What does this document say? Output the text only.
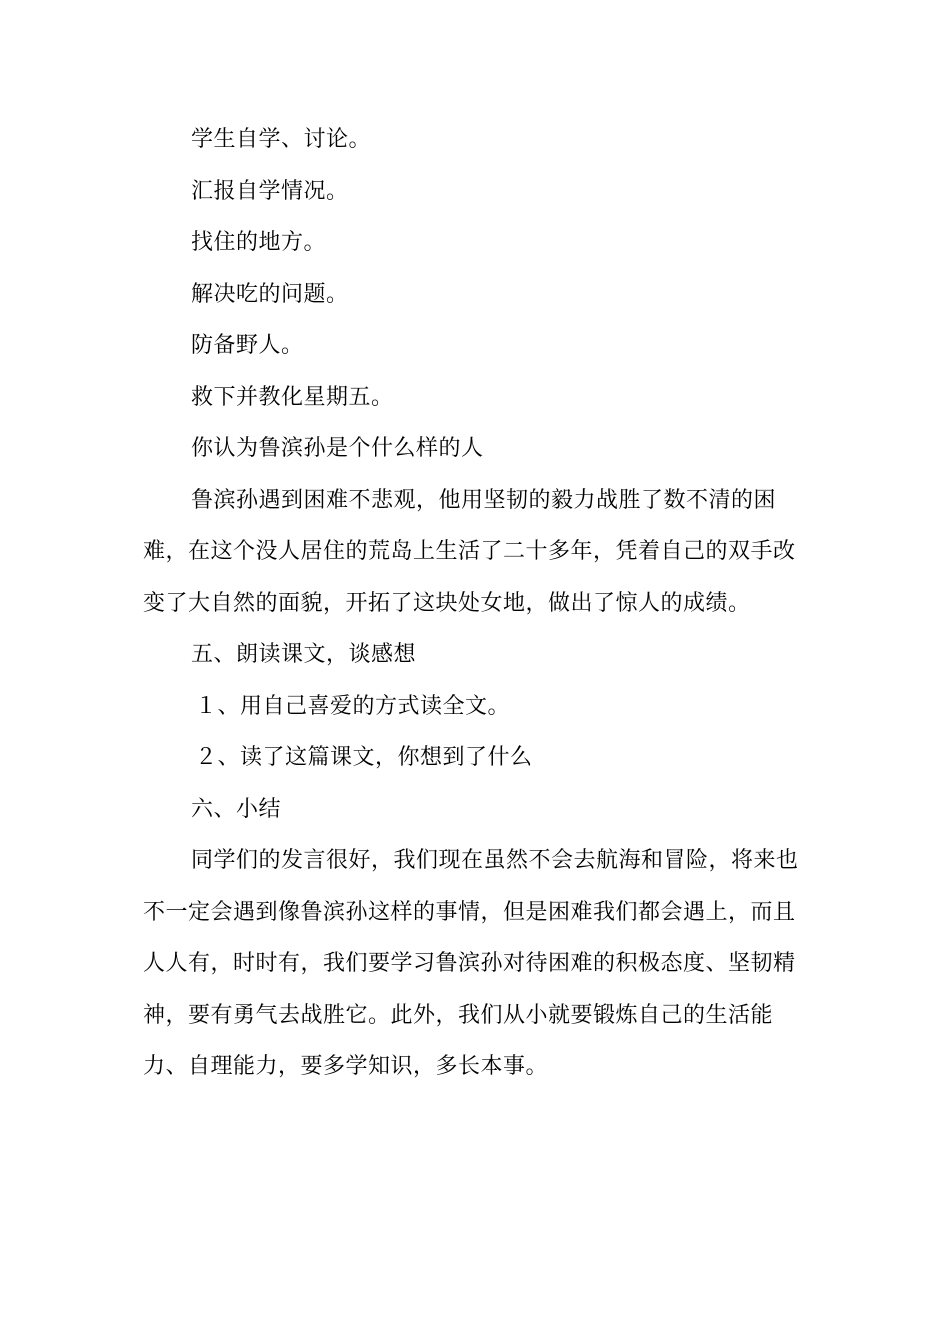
学生自学、讨论。
汇报自学情况。
找住的地方。
解决吃的问题。
防备野人。
救下并教化星期五。
你认为鲁滨孙是个什么样的人
鲁滨孙遇到困难不悲观，他用坚韧的毅力战胜了数不清的困
难，在这个没人居住的荒岛上生活了二十多年，凭着自己的双手改
变了大自然的面貌，开拓了这块处女地，做出了惊人的成绩。
五、朗读课文，谈感想
１、用自己喜爱的方式读全文。
２、读了这篇课文，你想到了什么
六、小结
同学们的发言很好，我们现在虽然不会去航海和冒险，将来也
不一定会遇到像鲁滨孙这样的事情，但是困难我们都会遇上，而且
人人有，时时有，我们要学习鲁滨孙对待困难的积极态度、坚韧精
神，要有勇气去战胜它。此外，我们从小就要锻炼自己的生活能
力、自理能力，要多学知识，多长本事。
